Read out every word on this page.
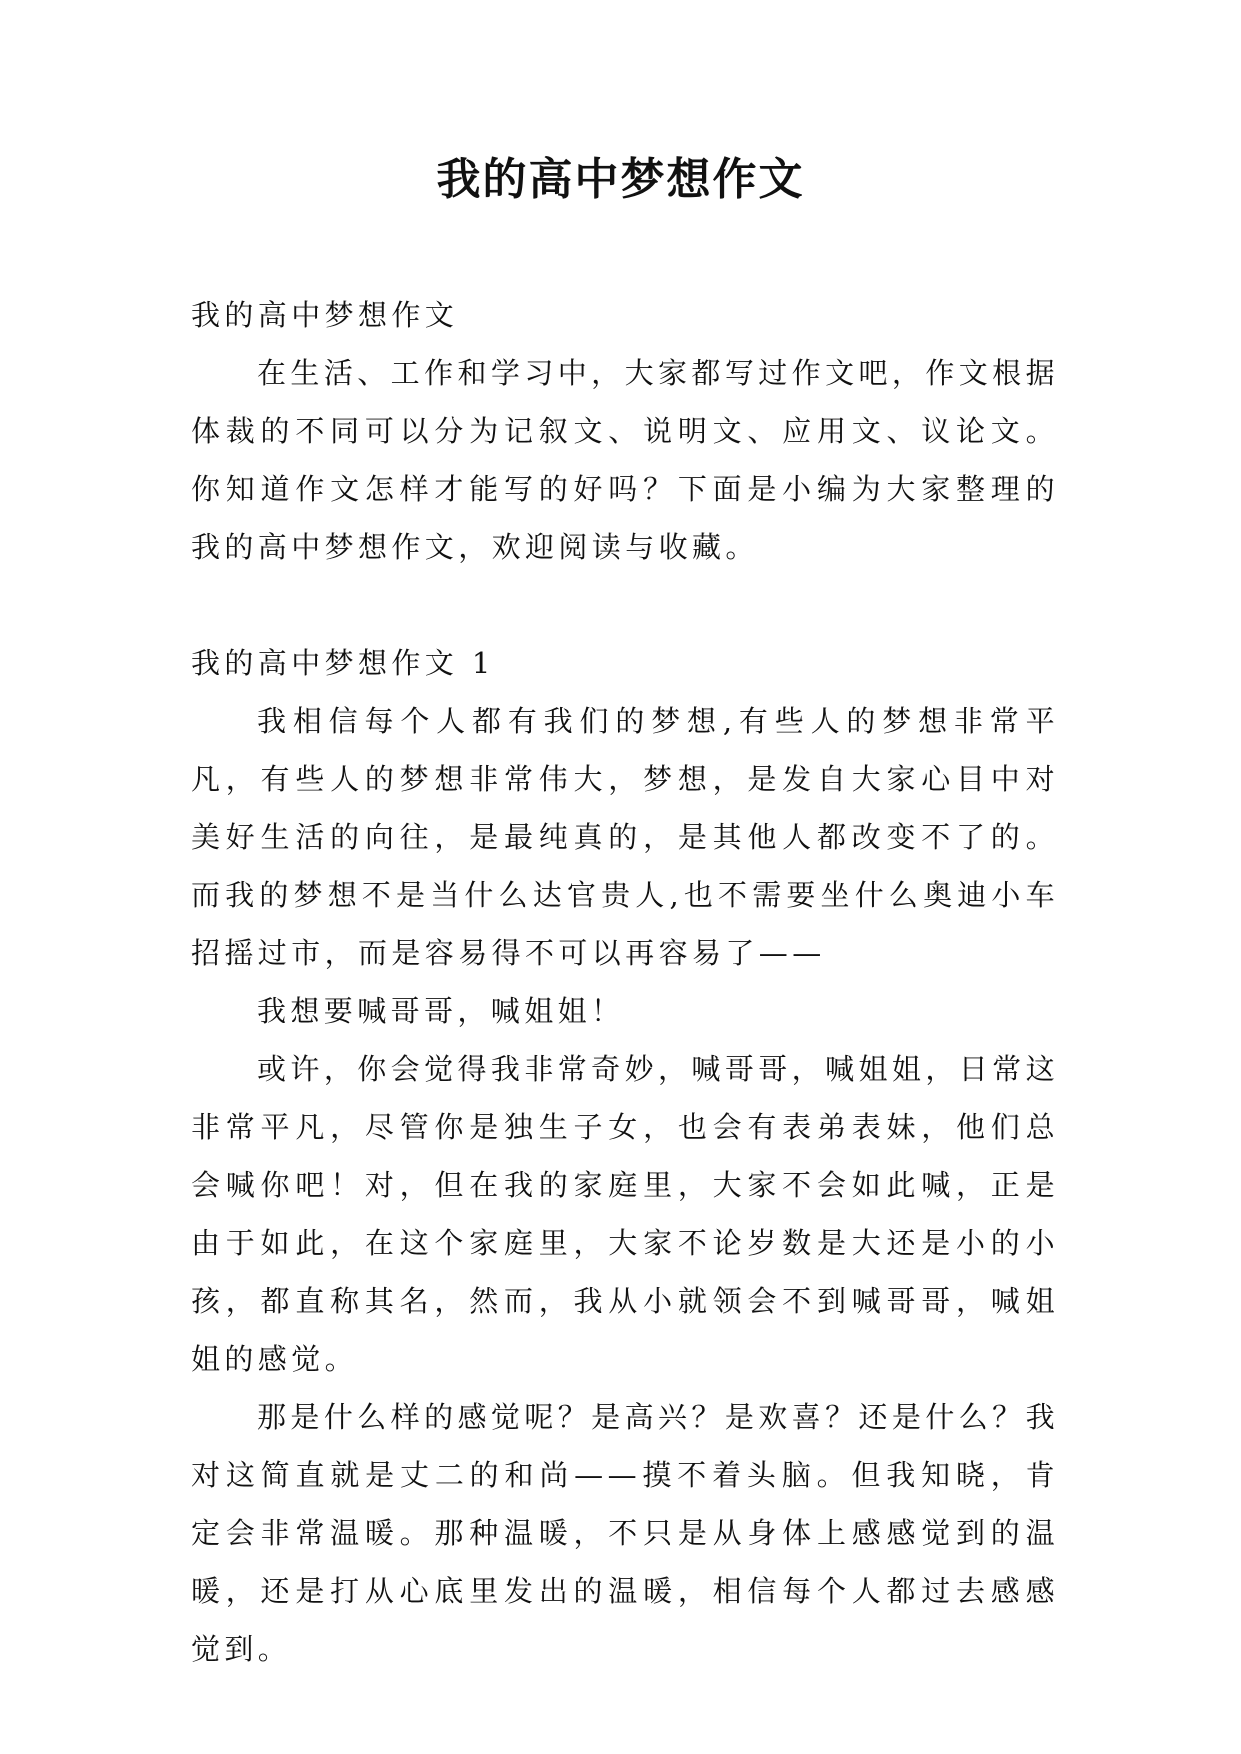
我的高中梦想作文

我的高中梦想作文

在生活、工作和学习中，大家都写过作文吧，作文根据体裁的不同可以分为记叙文、说明文、应用文、议论文。你知道作文怎样才能写的好吗？下面是小编为大家整理的我的高中梦想作文，欢迎阅读与收藏。

我的高中梦想作文 1

我相信每个人都有我们的梦想,有些人的梦想非常平凡，有些人的梦想非常伟大，梦想，是发自大家心目中对美好生活的向往，是最纯真的，是其他人都改变不了的。而我的梦想不是当什么达官贵人,也不需要坐什么奥迪小车招摇过市，而是容易得不可以再容易了——

我想要喊哥哥，喊姐姐！

或许，你会觉得我非常奇妙，喊哥哥，喊姐姐，日常这非常平凡，尽管你是独生子女，也会有表弟表妹，他们总会喊你吧！对，但在我的家庭里，大家不会如此喊，正是由于如此，在这个家庭里，大家不论岁数是大还是小的小孩，都直称其名，然而，我从小就领会不到喊哥哥，喊姐姐的感觉。

那是什么样的感觉呢？是高兴？是欢喜？还是什么？我对这简直就是丈二的和尚——摸不着头脑。但我知晓，肯定会非常温暖。那种温暖，不只是从身体上感感觉到的温暖，还是打从心底里发出的温暖，相信每个人都过去感感觉到。
